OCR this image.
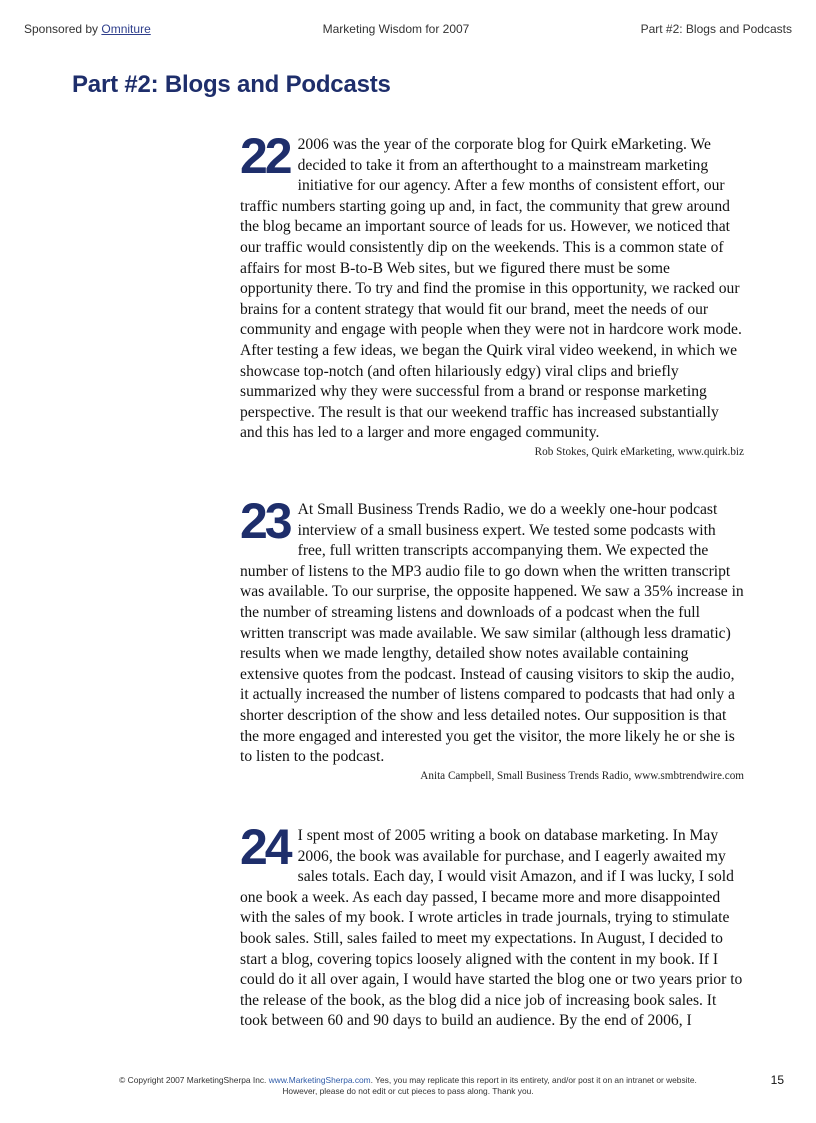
Sponsored by Omniture	Marketing Wisdom for 2007	Part #2: Blogs and Podcasts
Part #2: Blogs and Podcasts
22 2006 was the year of the corporate blog for Quirk eMarketing. We decided to take it from an afterthought to a mainstream marketing initiative for our agency. After a few months of consistent effort, our traffic numbers starting going up and, in fact, the community that grew around the blog became an important source of leads for us. However, we noticed that our traffic would consistently dip on the weekends. This is a common state of affairs for most B-to-B Web sites, but we figured there must be some opportunity there. To try and find the promise in this opportunity, we racked our brains for a content strategy that would fit our brand, meet the needs of our community and engage with people when they were not in hardcore work mode. After testing a few ideas, we began the Quirk viral video weekend, in which we showcase top-notch (and often hilariously edgy) viral clips and briefly summarized why they were successful from a brand or response marketing perspective. The result is that our weekend traffic has increased substantially and this has led to a larger and more engaged community.

Rob Stokes, Quirk eMarketing, www.quirk.biz
23 At Small Business Trends Radio, we do a weekly one-hour podcast interview of a small business expert. We tested some podcasts with free, full written transcripts accompanying them. We expected the number of listens to the MP3 audio file to go down when the written transcript was available. To our surprise, the opposite happened. We saw a 35% increase in the number of streaming listens and downloads of a podcast when the full written transcript was made available. We saw similar (although less dramatic) results when we made lengthy, detailed show notes available containing extensive quotes from the podcast. Instead of causing visitors to skip the audio, it actually increased the number of listens compared to podcasts that had only a shorter description of the show and less detailed notes. Our supposition is that the more engaged and interested you get the visitor, the more likely he or she is to listen to the podcast.

Anita Campbell, Small Business Trends Radio, www.smbtrendwire.com
24 I spent most of 2005 writing a book on database marketing. In May 2006, the book was available for purchase, and I eagerly awaited my sales totals. Each day, I would visit Amazon, and if I was lucky, I sold one book a week. As each day passed, I became more and more disappointed with the sales of my book. I wrote articles in trade journals, trying to stimulate book sales. Still, sales failed to meet my expectations. In August, I decided to start a blog, covering topics loosely aligned with the content in my book. If I could do it all over again, I would have started the blog one or two years prior to the release of the book, as the blog did a nice job of increasing book sales. It took between 60 and 90 days to build an audience. By the end of 2006, I

© Copyright 2007 MarketingSherpa Inc. www.MarketingSherpa.com. Yes, you may replicate this report in its entirety, and/or post it on an intranet or website.
However, please do not edit or cut pieces to pass along. Thank you.
15
